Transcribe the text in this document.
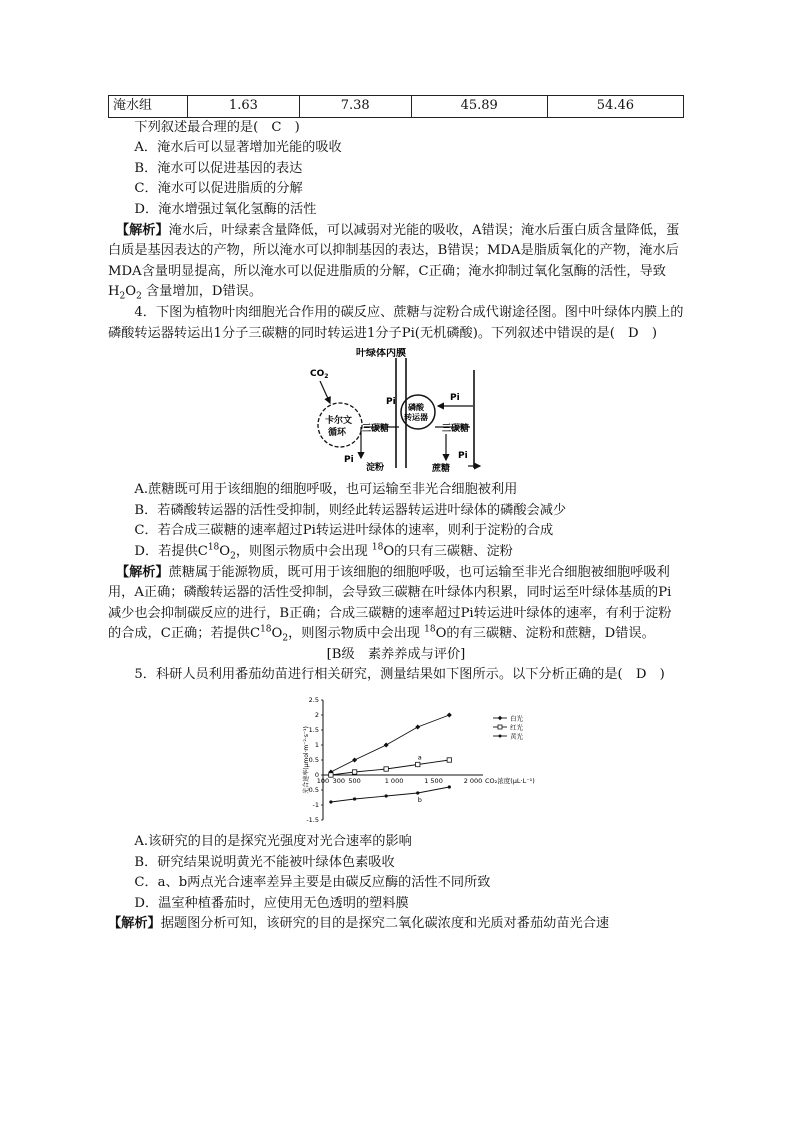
淹水组	1.63	7.38	45.89	54.46

下列叙述最合理的是(　C　)

A．淹水后可以显著增加光能的吸收

B．淹水可以促进基因的表达

C．淹水可以促进脂质的分解

D．淹水增强过氧化氢酶的活性

【解析】淹水后，叶绿素含量降低，可以减弱对光能的吸收，A错误；淹水后蛋白质含量降低，蛋白质是基因表达的产物，所以淹水可以抑制基因的表达，B错误；MDA是脂质氧化的产物，淹水后MDA含量明显提高，所以淹水可以促进脂质的分解，C正确；淹水抑制过氧化氢酶的活性，导致$H_2O_2$ 含量增加，D错误。

4．下图为植物叶肉细胞光合作用的碳反应、蔗糖与淀粉合成代谢途径图。图中叶绿体内膜上的磷酸转运器转运出1分子三碳糖的同时转运进1分子Pi(无机磷酸)。下列叙述中错误的是(　D　)

叶绿体内膜
$CO_2$
卡尔文
循环
磷酸
转运器
Pi	Pi
三碳糖
淀粉
Pi
三碳糖
蔗糖
Pi

A.蔗糖既可用于该细胞的细胞呼吸，也可运输至非光合细胞被利用

B．若磷酸转运器的活性受抑制，则经此转运器转运进叶绿体的磷酸会减少

C．若合成三碳糖的速率超过Pi转运进叶绿体的速率，则利于淀粉的合成

D．若提供$C^{18}O_2$，则图示物质中会出现 $^{18}$O的只有三碳糖、淀粉

【解析】蔗糖属于能源物质，既可用于该细胞的细胞呼吸，也可运输至非光合细胞被细胞呼吸利用，A正确；磷酸转运器的活性受抑制，会导致三碳糖在叶绿体内积累，同时运至叶绿体基质的Pi减少也会抑制碳反应的进行，B正确；合成三碳糖的速率超过Pi转运进叶绿体的速率，有利于淀粉的合成，C正确；若提供$C^{18}O_2$，则图示物质中会出现 $^{18}$O的有三碳糖、淀粉和蔗糖，D错误。

[B级　素养养成与评价]

5．科研人员利用番茄幼苗进行相关研究，测量结果如下图所示。以下分析正确的是(　D　)

光合速率(μmol·m⁻²·s⁻¹)
2.5
2
1.5
1
0.5
0
-0.5
-1
-1.5
100 300 500	1 000	1 500	2 000 CO₂浓度(μL·L⁻¹)
a
b
白光
红光
黄光

A.该研究的目的是探究光强度对光合速率的影响

B．研究结果说明黄光不能被叶绿体色素吸收

C．a、b两点光合速率差异主要是由碳反应酶的活性不同所致

D．温室种植番茄时，应使用无色透明的塑料膜

【解析】据题图分析可知，该研究的目的是探究二氧化碳浓度和光质对番茄幼苗光合速
